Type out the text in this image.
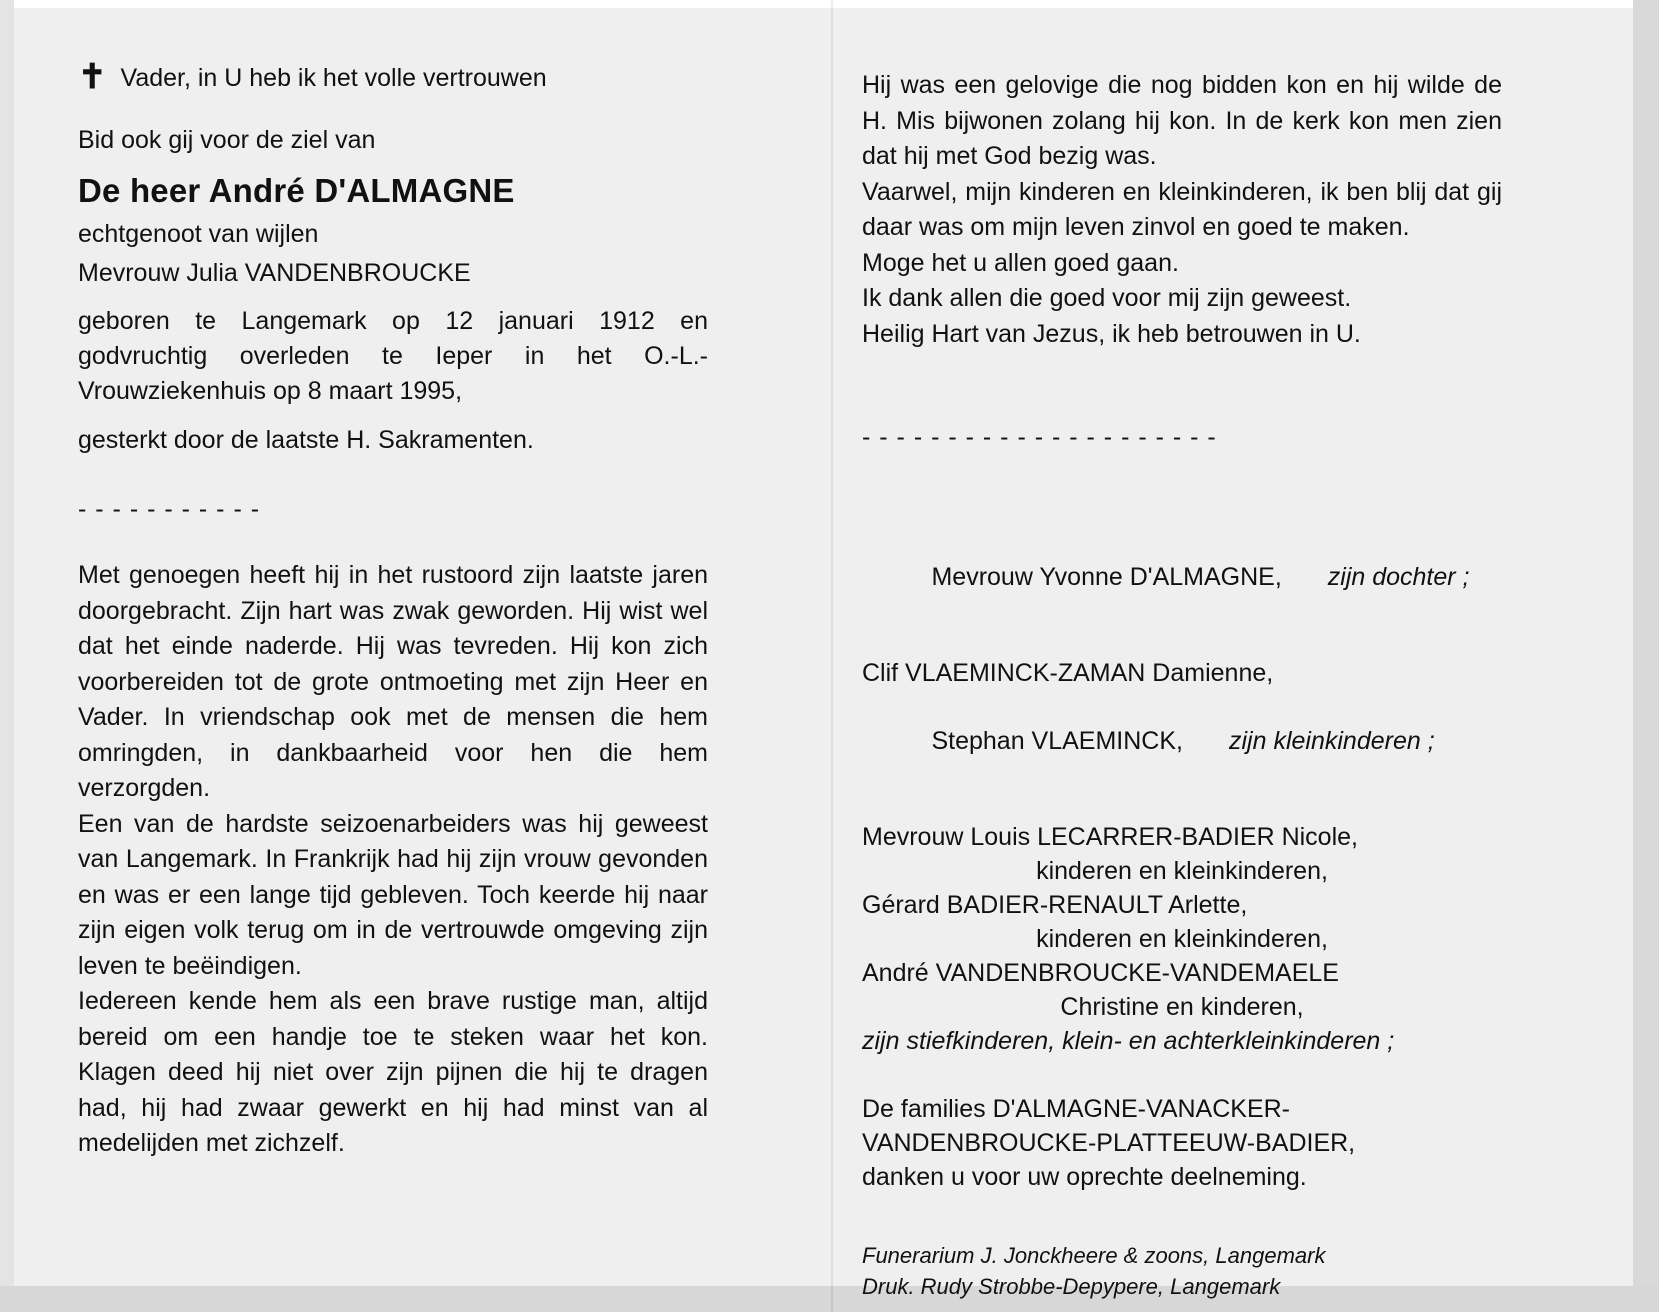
✝ Vader, in U heb ik het volle vertrouwen
Bid ook gij voor de ziel van
De heer André D'ALMAGNE
echtgenoot van wijlen
Mevrouw Julia VANDENBROUCKE
geboren te Langemark op 12 januari 1912 en godvruchtig overleden te Ieper in het O.-L.-Vrouwziekenhuis op 8 maart 1995,
gesterkt door de laatste H. Sakramenten.
- - - - - - - - - - -

Met genoegen heeft hij in het rustoord zijn laatste jaren doorgebracht. Zijn hart was zwak geworden. Hij wist wel dat het einde naderde. Hij was tevreden. Hij kon zich voorbereiden tot de grote ontmoeting met zijn Heer en Vader. In vriendschap ook met de mensen die hem omringden, in dankbaarheid voor hen die hem verzorgden.

Een van de hardste seizoenarbeiders was hij geweest van Langemark. In Frankrijk had hij zijn vrouw gevonden en was er een lange tijd gebleven. Toch keerde hij naar zijn eigen volk terug om in de vertrouwde omgeving zijn leven te beëindigen.

Iedereen kende hem als een brave rustige man, altijd bereid om een handje toe te steken waar het kon. Klagen deed hij niet over zijn pijnen die hij te dragen had, hij had zwaar gewerkt en hij had minst van al medelijden met zichzelf.

Hij was een gelovige die nog bidden kon en hij wilde de H. Mis bijwonen zolang hij kon. In de kerk kon men zien dat hij met God bezig was.

Vaarwel, mijn kinderen en kleinkinderen, ik ben blij dat gij daar was om mijn leven zinvol en goed te maken.

Moge het u allen goed gaan.

Ik dank allen die goed voor mij zijn geweest.

Heilig Hart van Jezus, ik heb betrouwen in U.

- - - - - - - - - - - - - - - - - - - - -

Mevrouw Yvonne D'ALMAGNE, zijn dochter ;

Clif VLAEMINCK-ZAMAN Damienne,

Stephan VLAEMINCK, zijn kleinkinderen ;

Mevrouw Louis LECARRER-BADIER Nicole,
kinderen en kleinkinderen,
Gérard BADIER-RENAULT Arlette,
kinderen en kleinkinderen,
André VANDENBROUCKE-VANDEMAELE
Christine en kinderen,
zijn stiefkinderen, klein- en achterkleinkinderen ;
De families D'ALMAGNE-VANACKER-
VANDENBROUCKE-PLATTEEUW-BADIER,
danken u voor uw oprechte deelneming.
Funerarium J. Jonckheere & zoons, Langemark
Druk. Rudy Strobbe-Depypere, Langemark
